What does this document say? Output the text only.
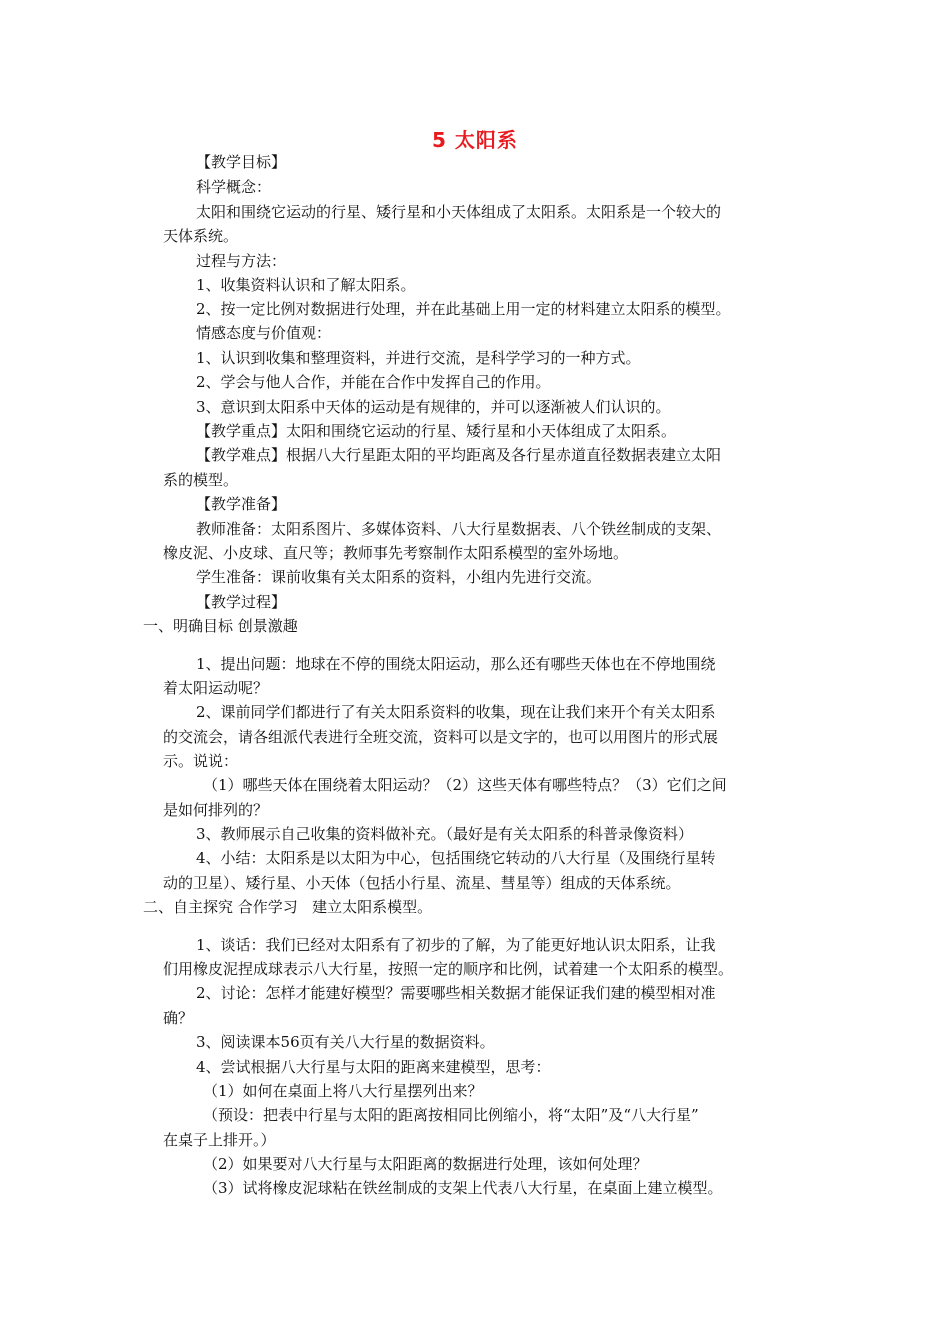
5 太阳系
【教学目标】
科学概念：
太阳和围绕它运动的行星、矮行星和小天体组成了太阳系。太阳系是一个较大的
天体系统。
过程与方法：
1、收集资料认识和了解太阳系。
2、按一定比例对数据进行处理，并在此基础上用一定的材料建立太阳系的模型。
情感态度与价值观：
1、认识到收集和整理资料，并进行交流，是科学学习的一种方式。
2、学会与他人合作，并能在合作中发挥自己的作用。
3、意识到太阳系中天体的运动是有规律的，并可以逐渐被人们认识的。
【教学重点】太阳和围绕它运动的行星、矮行星和小天体组成了太阳系。
【教学难点】根据八大行星距太阳的平均距离及各行星赤道直径数据表建立太阳
系的模型。
【教学准备】
教师准备：太阳系图片、多媒体资料、八大行星数据表、八个铁丝制成的支架、
橡皮泥、小皮球、直尺等；教师事先考察制作太阳系模型的室外场地。
学生准备：课前收集有关太阳系的资料，小组内先进行交流。
【教学过程】
一、明确目标 创景激趣
1、提出问题：地球在不停的围绕太阳运动，那么还有哪些天体也在不停地围绕
着太阳运动呢？
2、课前同学们都进行了有关太阳系资料的收集，现在让我们来开个有关太阳系
的交流会，请各组派代表进行全班交流，资料可以是文字的，也可以用图片的形式展
示。说说：
（1）哪些天体在围绕着太阳运动？（2）这些天体有哪些特点？（3）它们之间
是如何排列的？
3、教师展示自己收集的资料做补充。（最好是有关太阳系的科普录像资料）
4、小结：太阳系是以太阳为中心，包括围绕它转动的八大行星（及围绕行星转
动的卫星）、矮行星、小天体（包括小行星、流星、彗星等）组成的天体系统。
二、自主探究 合作学习   建立太阳系模型。
1、谈话：我们已经对太阳系有了初步的了解，为了能更好地认识太阳系，让我
们用橡皮泥捏成球表示八大行星，按照一定的顺序和比例，试着建一个太阳系的模型。
2、讨论：怎样才能建好模型？需要哪些相关数据才能保证我们建的模型相对准
确？
3、阅读课本56页有关八大行星的数据资料。
4、尝试根据八大行星与太阳的距离来建模型，思考：
（1）如何在桌面上将八大行星摆列出来？
（预设：把表中行星与太阳的距离按相同比例缩小，将“太阳”及“八大行星”
在桌子上排开。）
（2）如果要对八大行星与太阳距离的数据进行处理，该如何处理？
（3）试将橡皮泥球粘在铁丝制成的支架上代表八大行星，在桌面上建立模型。
